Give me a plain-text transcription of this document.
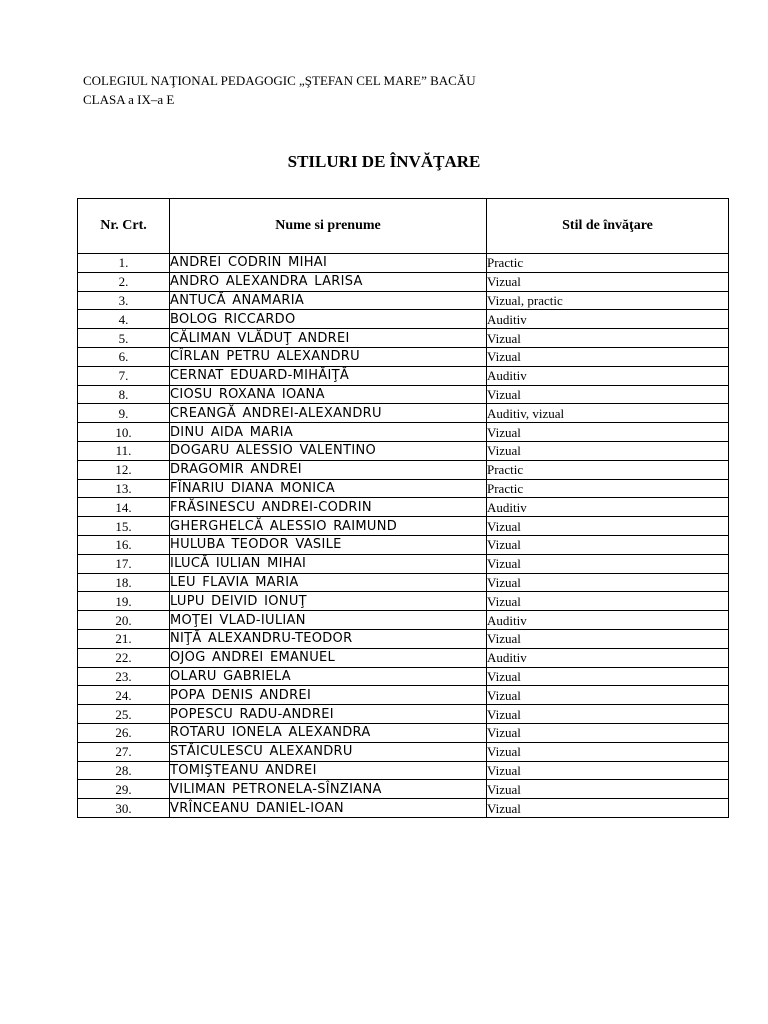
COLEGIUL NAŢIONAL PEDAGOGIC „ŞTEFAN CEL MARE” BACĂU
CLASA a IX–a E
STILURI DE ÎNVĂŢARE
Nr. Crt.	Nume si prenume	Stil de învăţare
1.	ANDREI CODRIN MIHAI	Practic
2.	ANDRO ALEXANDRA LARISA	Vizual
3.	ANTUCĂ ANAMARIA	Vizual, practic
4.	BOLOG RICCARDO	Auditiv
5.	CĂLIMAN VLĂDUŢ ANDREI	Vizual
6.	CÎRLAN PETRU ALEXANDRU	Vizual
7.	CERNAT EDUARD-MIHĂIŢĂ	Auditiv
8.	CIOSU ROXANA IOANA	Vizual
9.	CREANGĂ ANDREI-ALEXANDRU	Auditiv, vizual
10.	DINU AIDA MARIA	Vizual
11.	DOGARU ALESSIO VALENTINO	Vizual
12.	DRAGOMIR ANDREI	Practic
13.	FÎNARIU DIANA MONICA	Practic
14.	FRĂSINESCU ANDREI-CODRIN	Auditiv
15.	GHERGHELCĂ ALESSIO RAIMUND	Vizual
16.	HULUBA TEODOR VASILE	Vizual
17.	ILUCĂ IULIAN MIHAI	Vizual
18.	LEU FLAVIA MARIA	Vizual
19.	LUPU DEIVID IONUŢ	Vizual
20.	MOŢEI VLAD-IULIAN	Auditiv
21.	NIŢĂ ALEXANDRU-TEODOR	Vizual
22.	OJOG ANDREI EMANUEL	Auditiv
23.	OLARU GABRIELA	Vizual
24.	POPA DENIS ANDREI	Vizual
25.	POPESCU RADU-ANDREI	Vizual
26.	ROTARU IONELA ALEXANDRA	Vizual
27.	STĂICULESCU ALEXANDRU	Vizual
28.	TOMIŞTEANU ANDREI	Vizual
29.	VILIMAN PETRONELA-SÎNZIANA	Vizual
30.	VRÎNCEANU DANIEL-IOAN	Vizual
